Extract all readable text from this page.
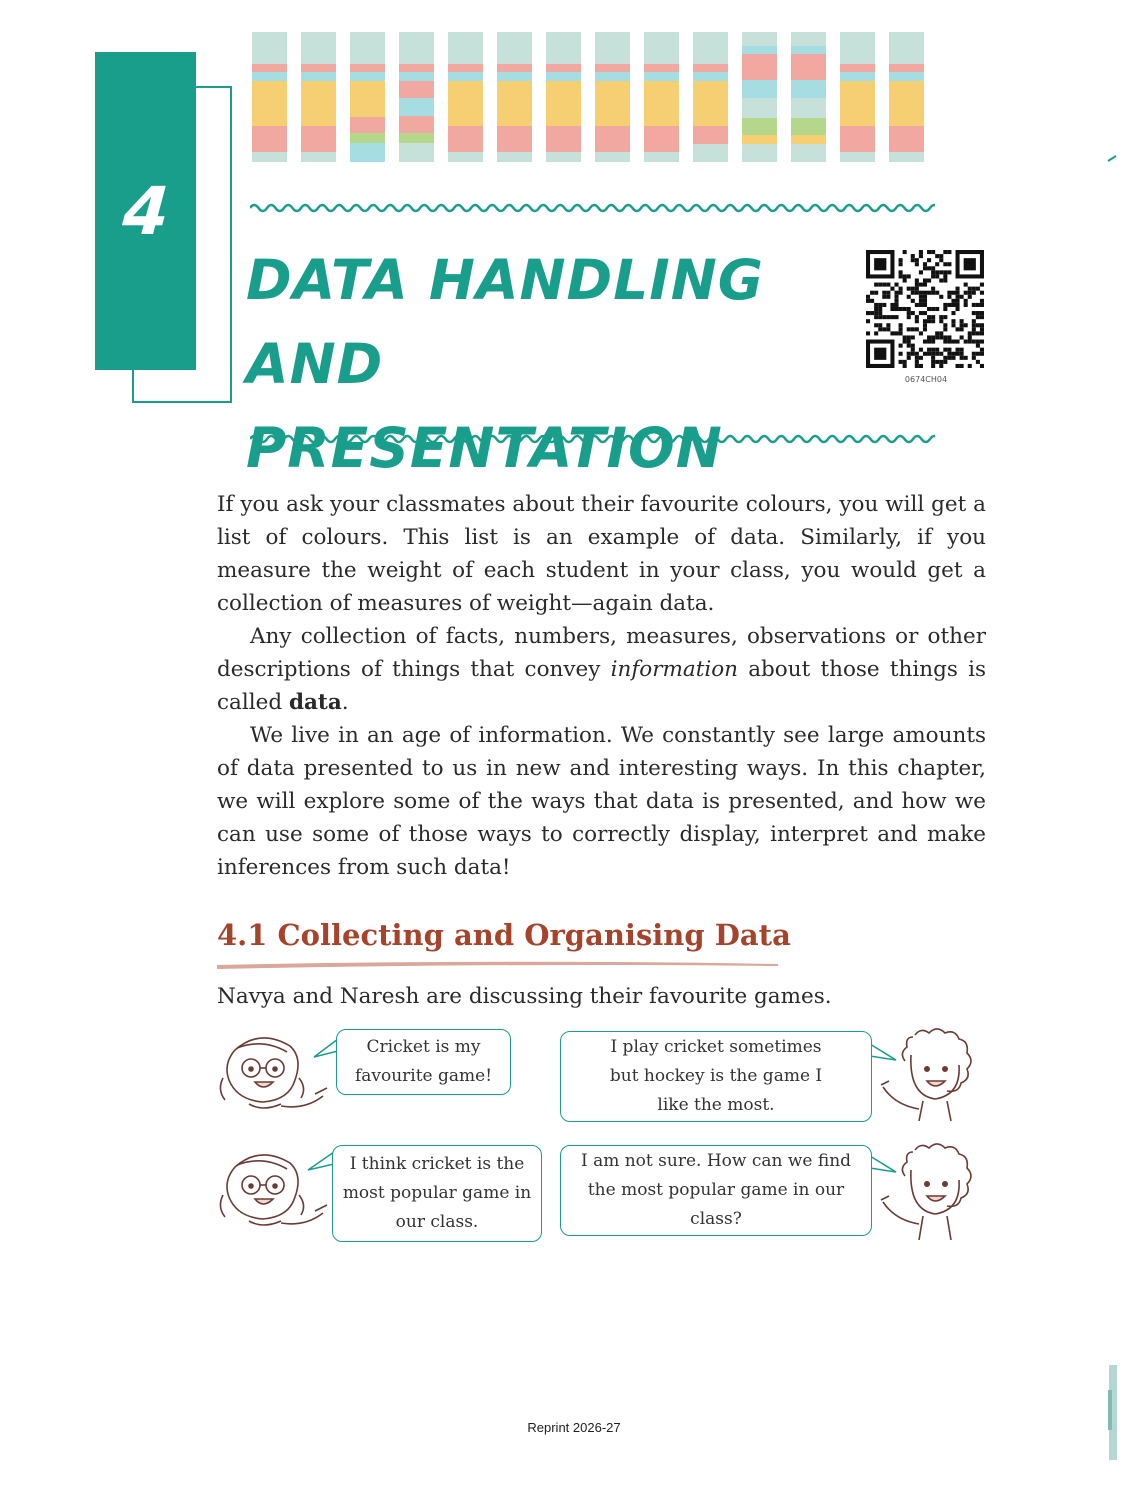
4
DATA HANDLING AND PRESENTATION
0674CH04

If you ask your classmates about their favourite colours, you will get a list of colours. This list is an example of data. Similarly, if you measure the weight of each student in your class, you would get a collection of measures of weight—again data.

Any collection of facts, numbers, measures, observations or other descriptions of things that convey information about those things is called data.

We live in an age of information. We constantly see large amounts of data presented to us in new and interesting ways. In this chapter, we will explore some of the ways that data is presented, and how we can use some of those ways to correctly display, interpret and make inferences from such data!

4.1 Collecting and Organising Data

Navya and Naresh are discussing their favourite games.

Cricket is my favourite game!
I play cricket sometimes but hockey is the game I like the most.
I think cricket is the most popular game in our class.
I am not sure. How can we find the most popular game in our class?
Reprint 2026-27
